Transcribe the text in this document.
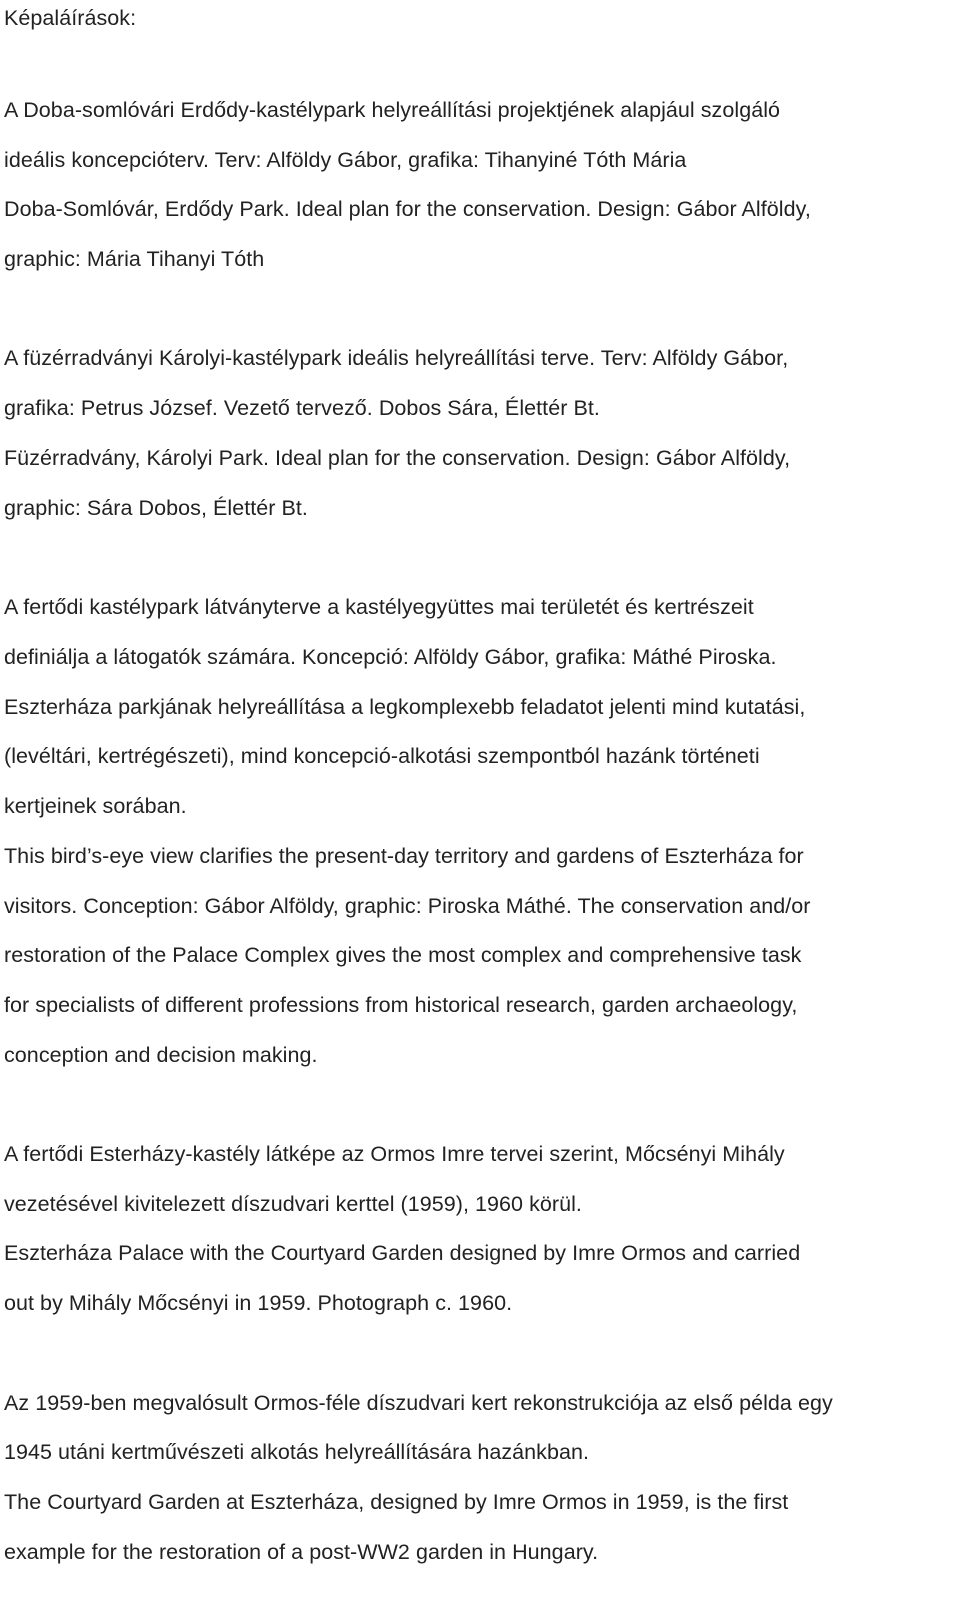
Képaláírások:
A Doba-somlóvári Erdődy-kastélypark helyreállítási projektjének alapjául szolgáló
ideális koncepcióterv. Terv: Alföldy Gábor, grafika: Tihanyiné Tóth Mária
Doba-Somlóvár, Erdődy Park. Ideal plan for the conservation. Design: Gábor Alföldy,
graphic: Mária Tihanyi Tóth
A füzérradványi Károlyi-kastélypark ideális helyreállítási terve. Terv: Alföldy Gábor,
grafika: Petrus József. Vezető tervező. Dobos Sára, Élettér Bt.
Füzérradvány, Károlyi Park. Ideal plan for the conservation. Design: Gábor Alföldy,
graphic: Sára Dobos, Élettér Bt.
A fertődi kastélypark látványterve a kastélyegyüttes mai területét és kertrészeit
definiálja a látogatók számára. Koncepció: Alföldy Gábor, grafika: Máthé Piroska.
Eszterháza parkjának helyreállítása a legkomplexebb feladatot jelenti mind kutatási,
(levéltári, kertrégészeti), mind koncepció-alkotási szempontból hazánk történeti
kertjeinek sorában.
This bird’s-eye view clarifies the present-day territory and gardens of Eszterháza for
visitors. Conception: Gábor Alföldy, graphic: Piroska Máthé. The conservation and/or
restoration of the Palace Complex gives the most complex and comprehensive task
for specialists of different professions from historical research, garden archaeology,
conception and decision making.
A fertődi Esterházy-kastély látképe az Ormos Imre tervei szerint, Mőcsényi Mihály
vezetésével kivitelezett díszudvari kerttel (1959), 1960 körül.
Eszterháza Palace with the Courtyard Garden designed by Imre Ormos and carried
out by Mihály Mőcsényi in 1959. Photograph c. 1960.
Az 1959-ben megvalósult Ormos-féle díszudvari kert rekonstrukciója az első példa egy
1945 utáni kertművészeti alkotás helyreállítására hazánkban.
The Courtyard Garden at Eszterháza, designed by Imre Ormos in 1959, is the first
example for the restoration of a post-WW2 garden in Hungary.
